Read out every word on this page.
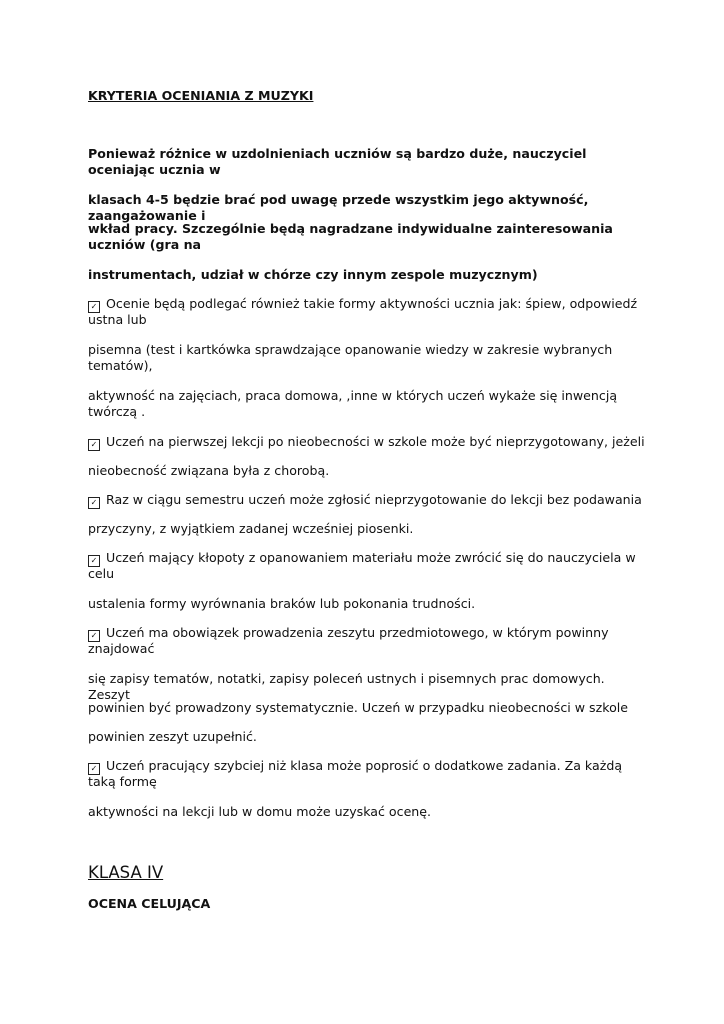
KRYTERIA OCENIANIA Z MUZYKI
Ponieważ różnice w uzdolnieniach uczniów są bardzo duże, nauczyciel oceniając ucznia w
klasach 4-5 będzie brać pod uwagę przede wszystkim jego aktywność, zaangażowanie i
wkład pracy. Szczególnie będą nagradzane indywidualne zainteresowania uczniów (gra na
instrumentach, udział w chórze czy innym zespole muzycznym)
✓Ocenie będą podlegać również takie formy aktywności ucznia jak: śpiew, odpowiedź ustna lub
pisemna (test i kartkówka sprawdzające opanowanie wiedzy w zakresie wybranych tematów),
aktywność na zajęciach, praca domowa, ,inne w których uczeń wykaże się inwencją twórczą .
✓Uczeń na pierwszej lekcji po nieobecności w szkole może być nieprzygotowany, jeżeli
nieobecność związana była z chorobą.
✓Raz w ciągu semestru uczeń może zgłosić nieprzygotowanie do lekcji bez podawania
przyczyny, z wyjątkiem zadanej wcześniej piosenki.
✓Uczeń mający kłopoty z opanowaniem materiału może zwrócić się do nauczyciela w celu
ustalenia formy wyrównania braków lub pokonania trudności.
✓Uczeń ma obowiązek prowadzenia zeszytu przedmiotowego, w którym powinny znajdować
się zapisy tematów, notatki, zapisy poleceń ustnych i pisemnych prac domowych. Zeszyt
powinien być prowadzony systematycznie. Uczeń w przypadku nieobecności w szkole
powinien zeszyt uzupełnić.
✓Uczeń pracujący szybciej niż klasa może poprosić o dodatkowe zadania. Za każdą taką formę
aktywności na lekcji lub w domu może uzyskać ocenę.
KLASA IV
OCENA CELUJĄCA
